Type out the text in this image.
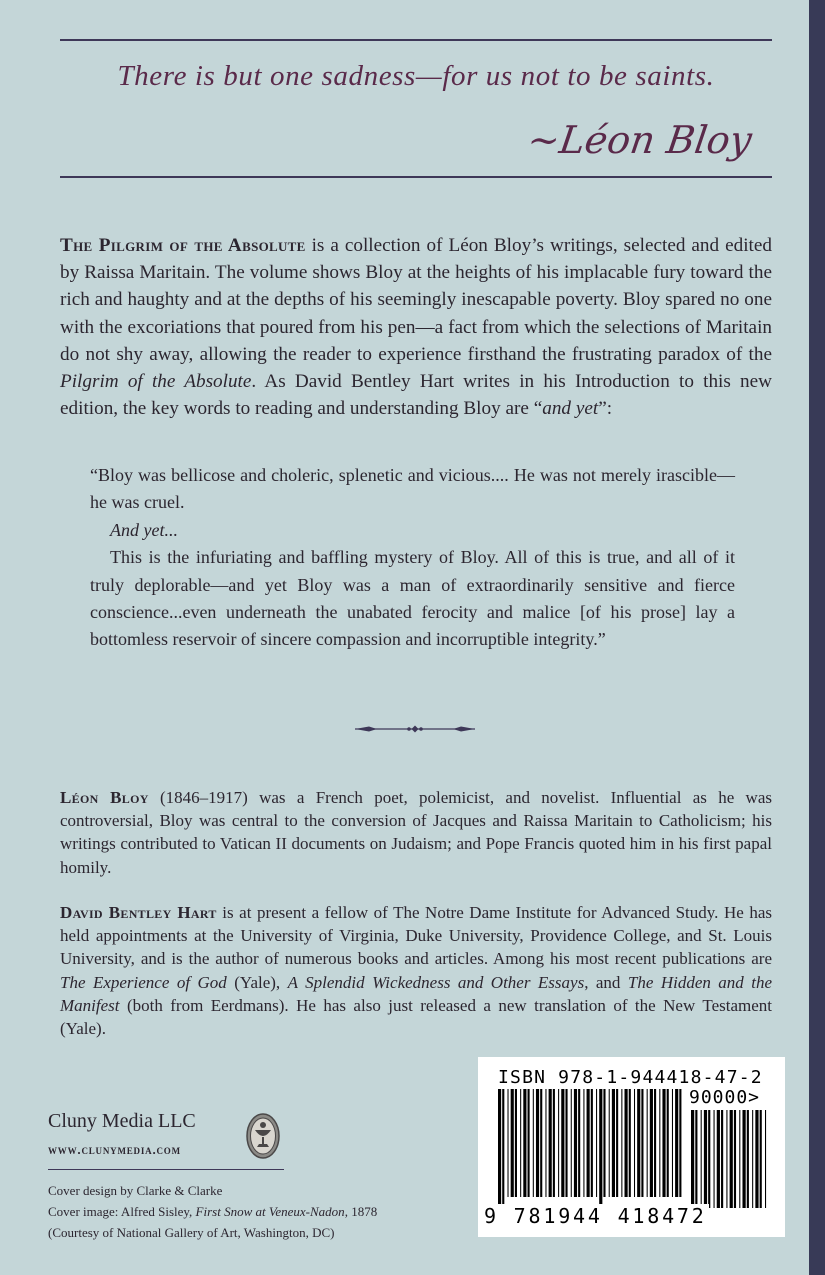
There is but one sadness—for us not to be saints.
~Léon Bloy
The Pilgrim of the Absolute is a collection of Léon Bloy’s writings, selected and edited by Raissa Maritain. The volume shows Bloy at the heights of his implacable fury toward the rich and haughty and at the depths of his seemingly inescapable poverty. Bloy spared no one with the excoriations that poured from his pen—a fact from which the selections of Maritain do not shy away, allowing the reader to experience firsthand the frustrating paradox of the Pilgrim of the Absolute. As David Bentley Hart writes in his Introduction to this new edition, the key words to reading and understanding Bloy are “and yet”:

“Bloy was bellicose and choleric, splenetic and vicious.... He was not merely irascible—he was cruel.

And yet...

This is the infuriating and baffling mystery of Bloy. All of this is true, and all of it truly deplorable—and yet Bloy was a man of extraordinarily sensitive and fierce conscience...even underneath the unabated ferocity and malice [of his prose] lay a bottomless reservoir of sincere compassion and incorruptible integrity.”

Léon Bloy (1846–1917) was a French poet, polemicist, and novelist. Influential as he was controversial, Bloy was central to the conversion of Jacques and Raissa Maritain to Catholicism; his writings contributed to Vatican II documents on Judaism; and Pope Francis quoted him in his first papal homily.
David Bentley Hart is at present a fellow of The Notre Dame Institute for Advanced Study. He has held appointments at the University of Virginia, Duke University, Providence College, and St. Louis University, and is the author of numerous books and articles. Among his most recent publications are The Experience of God (Yale), A Splendid Wickedness and Other Essays, and The Hidden and the Manifest (both from Eerdmans). He has also just released a new translation of the New Testament (Yale).
Cluny Media LLC
www.clunymedia.com
Cover design by Clarke & Clarke
Cover image: Alfred Sisley, First Snow at Veneux-Nadon, 1878
(Courtesy of National Gallery of Art, Washington, DC)
ISBN 978-1-944418-47-2
90000>
9 781944 418472
